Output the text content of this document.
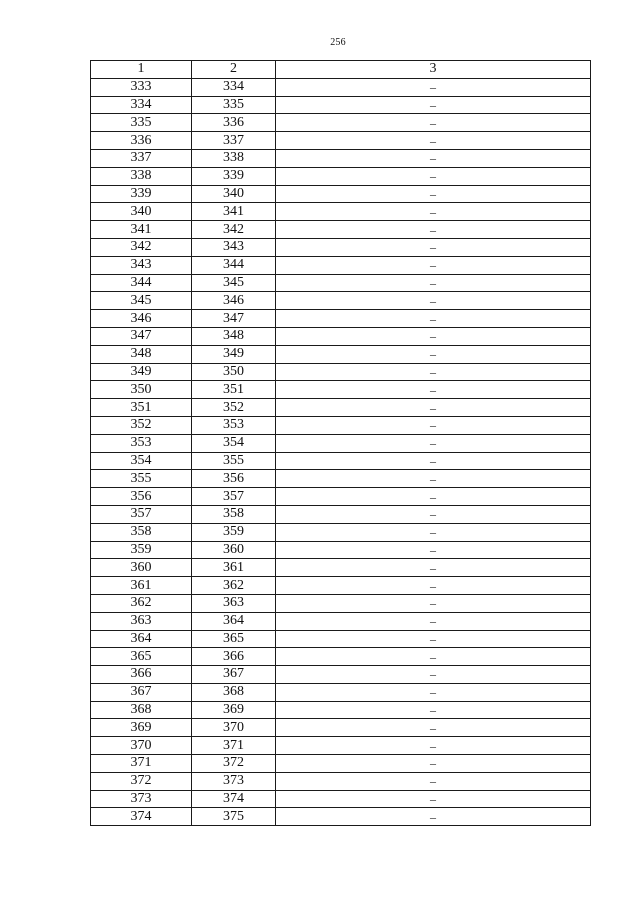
256
1	2	3
333	334	–
334	335	–
335	336	–
336	337	–
337	338	–
338	339	–
339	340	–
340	341	–
341	342	–
342	343	–
343	344	–
344	345	–
345	346	–
346	347	–
347	348	–
348	349	–
349	350	–
350	351	–
351	352	–
352	353	–
353	354	–
354	355	–
355	356	–
356	357	–
357	358	–
358	359	–
359	360	–
360	361	–
361	362	–
362	363	–
363	364	–
364	365	–
365	366	–
366	367	–
367	368	–
368	369	–
369	370	–
370	371	–
371	372	–
372	373	–
373	374	–
374	375	–
